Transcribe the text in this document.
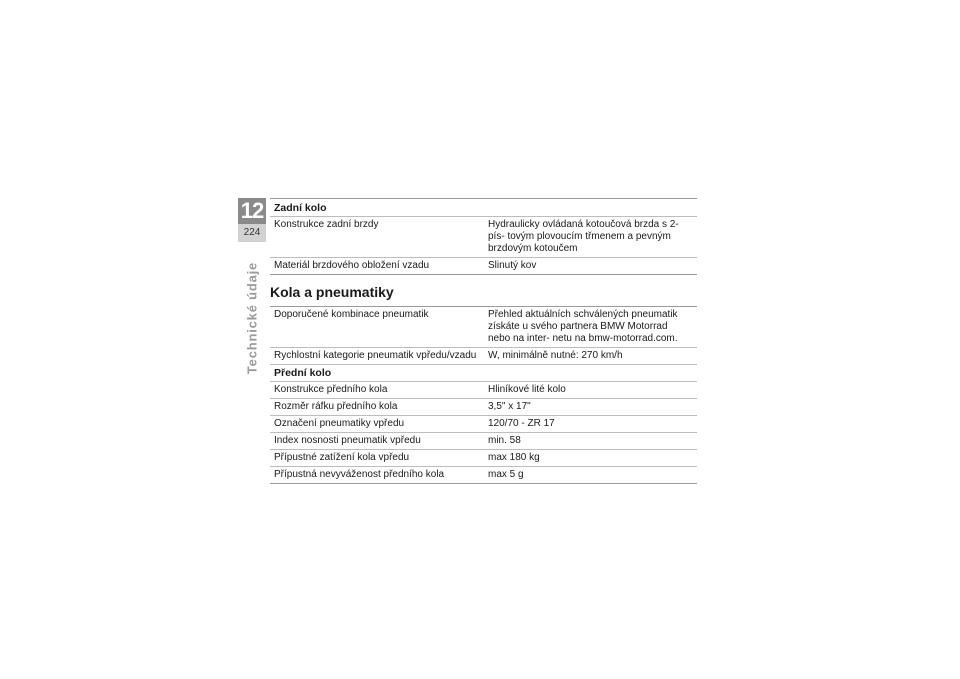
12
224
Technické údaje
Zadní kolo
Konstrukce zadní brzdy	Hydraulicky ovládaná kotoučová brzda s 2-pís- tovým plovoucím třmenem a pevným brzdovým kotoučem
Materiál brzdového obložení vzadu	Slinutý kov
Kola a pneumatiky
Doporučené kombinace pneumatik	Přehled aktuálních schválených pneumatik získáte u svého partnera BMW Motorrad nebo na inter- netu na bmw-motorrad.com.
Rychlostní kategorie pneumatik vpředu/vzadu	W, minimálně nutné: 270 km/h
Přední kolo
Konstrukce předního kola	Hliníkové lité kolo
Rozměr ráfku předního kola	3,5" x 17"
Označení pneumatiky vpředu	120/70 - ZR 17
Index nosnosti pneumatik vpředu	min. 58
Přípustné zatížení kola vpředu	max 180 kg
Přípustná nevyváženost předního kola	max 5 g
